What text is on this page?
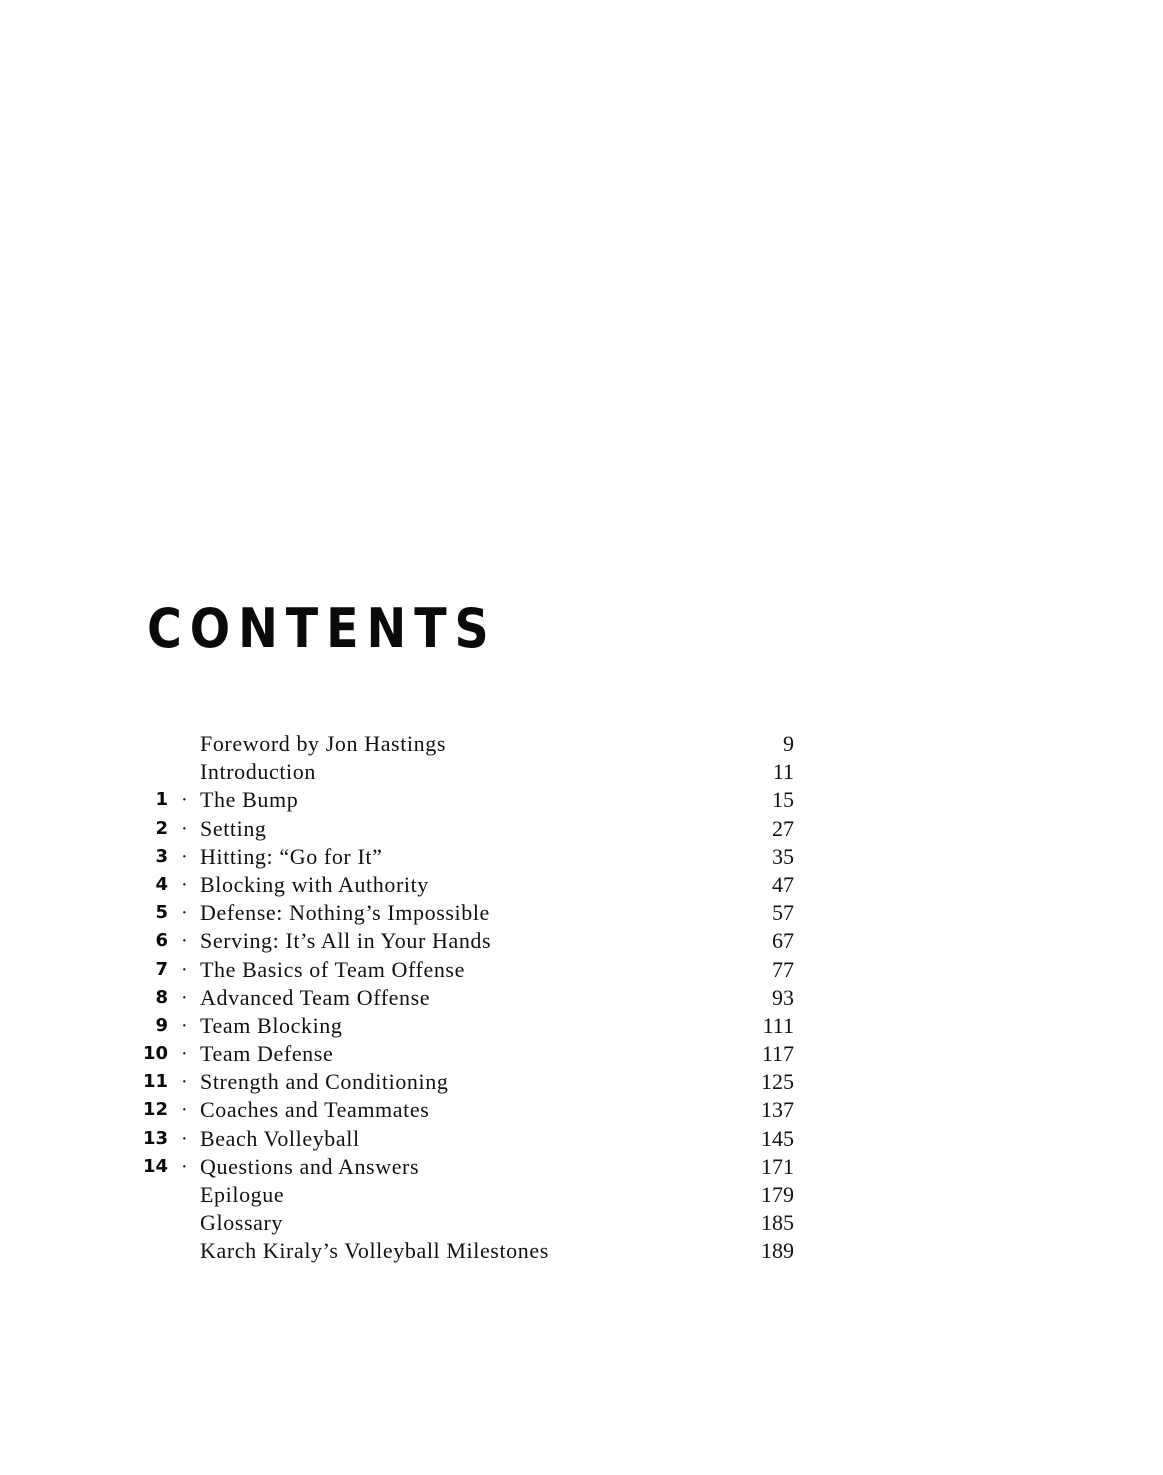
CONTENTS
Foreword by Jon Hastings	9
Introduction	11
1 · The Bump	15
2 · Setting	27
3 · Hitting: “Go for It”	35
4 · Blocking with Authority	47
5 · Defense: Nothing’s Impossible	57
6 · Serving: It’s All in Your Hands	67
7 · The Basics of Team Offense	77
8 · Advanced Team Offense	93
9 · Team Blocking	111
10 · Team Defense	117
11 · Strength and Conditioning	125
12 · Coaches and Teammates	137
13 · Beach Volleyball	145
14 · Questions and Answers	171
Epilogue	179
Glossary	185
Karch Kiraly’s Volleyball Milestones	189
